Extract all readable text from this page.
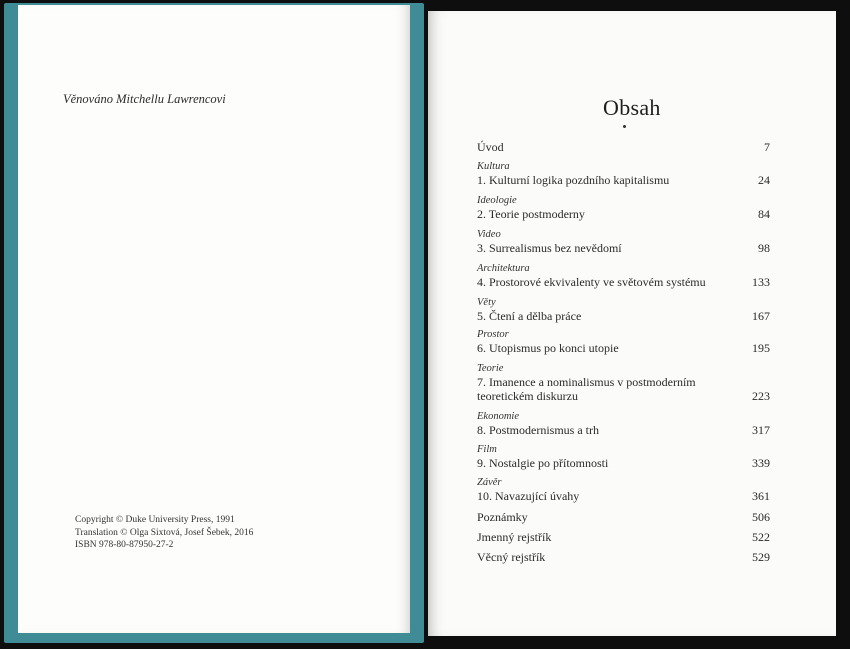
Věnováno Mitchellu Lawrencovi
Copyright © Duke University Press, 1991
Translation © Olga Sixtová, Josef Šebek, 2016
ISBN 978-80-87950-27-2
Obsah
Úvod	7
Kultura
1. Kulturní logika pozdního kapitalismu	24
Ideologie
2. Teorie postmoderny	84
Video
3. Surrealismus bez nevědomí	98
Architektura
4. Prostorové ekvivalenty ve světovém systému	133
Věty
5. Čtení a dělba práce	167
Prostor
6. Utopismus po konci utopie	195
Teorie
7. Imanence a nominalismus v postmoderním teoretickém diskurzu	223
Ekonomie
8. Postmodernismus a trh	317
Film
9. Nostalgie po přítomnosti	339
Závěr
10. Navazující úvahy	361
Poznámky	506
Jmenný rejstřík	522
Věcný rejstřík	529
